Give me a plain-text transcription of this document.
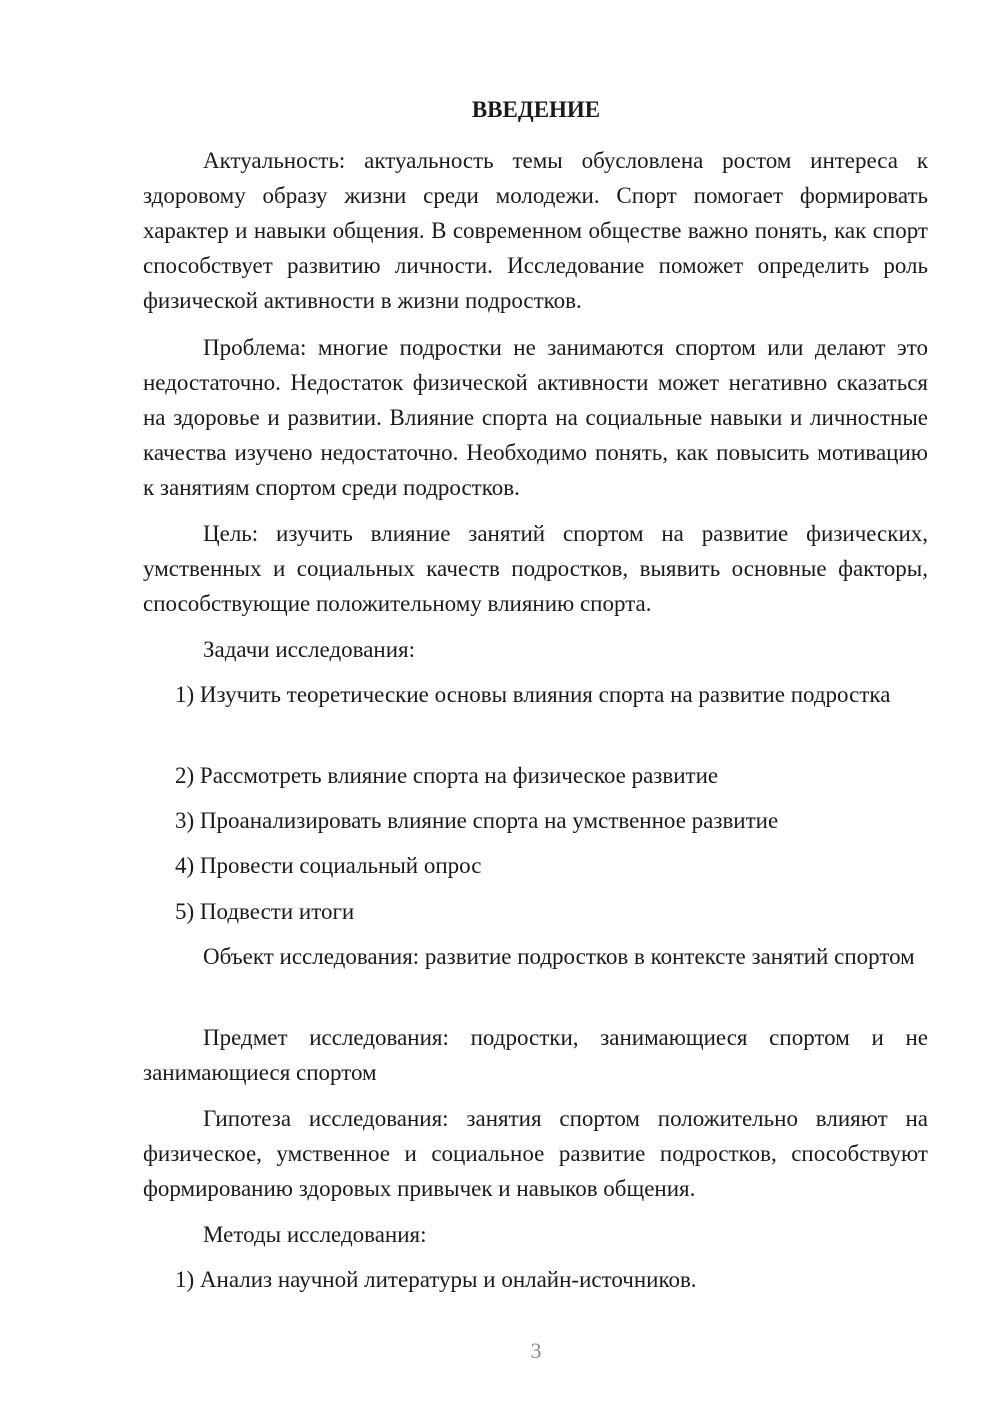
ВВЕДЕНИЕ

Актуальность: актуальность темы обусловлена ростом интереса к здоровому образу жизни среди молодежи. Спорт помогает формировать характер и навыки общения. В современном обществе важно понять, как спорт способствует развитию личности. Исследование поможет определить роль физической активности в жизни подростков.

Проблема: многие подростки не занимаются спортом или делают это недостаточно. Недостаток физической активности может негативно сказаться на здоровье и развитии. Влияние спорта на социальные навыки и личностные качества изучено недостаточно. Необходимо понять, как повысить мотивацию к занятиям спортом среди подростков.

Цель: изучить влияние занятий спортом на развитие физических, умственных и социальных качеств подростков, выявить основные факторы, способствующие положительному влиянию спорта.

Задачи исследования:

1) Изучить теоретические основы влияния спорта на развитие подростка

2) Рассмотреть влияние спорта на физическое развитие

3) Проанализировать влияние спорта на умственное развитие

4) Провести социальный опрос

5) Подвести итоги

Объект исследования: развитие подростков в контексте занятий спортом

Предмет исследования: подростки, занимающиеся спортом и не занимающиеся спортом

Гипотеза исследования: занятия спортом положительно влияют на физическое, умственное и социальное развитие подростков, способствуют формированию здоровых привычек и навыков общения.

Методы исследования:

1) Анализ научной литературы и онлайн-источников.

3
